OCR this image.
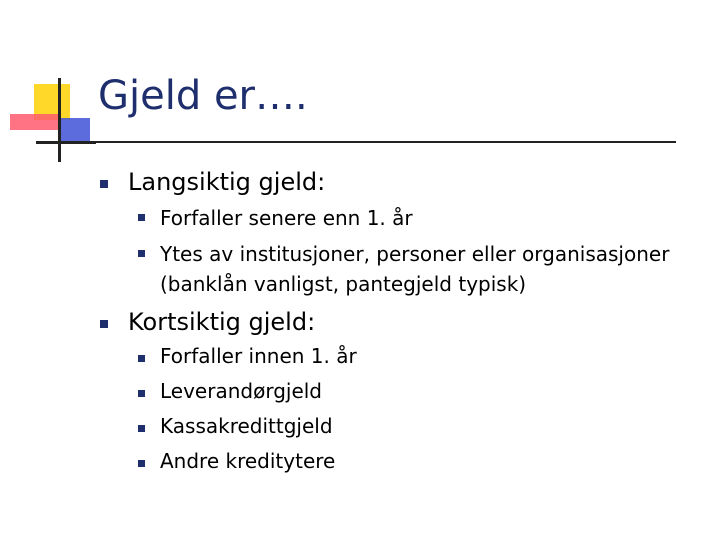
Gjeld er….
Langsiktig gjeld:
Forfaller senere enn 1. år
Ytes av institusjoner, personer eller organisasjoner
(banklån vanligst, pantegjeld typisk)
Kortsiktig gjeld:
Forfaller innen 1. år
Leverandørgjeld
Kassakredittgjeld
Andre kreditytere
